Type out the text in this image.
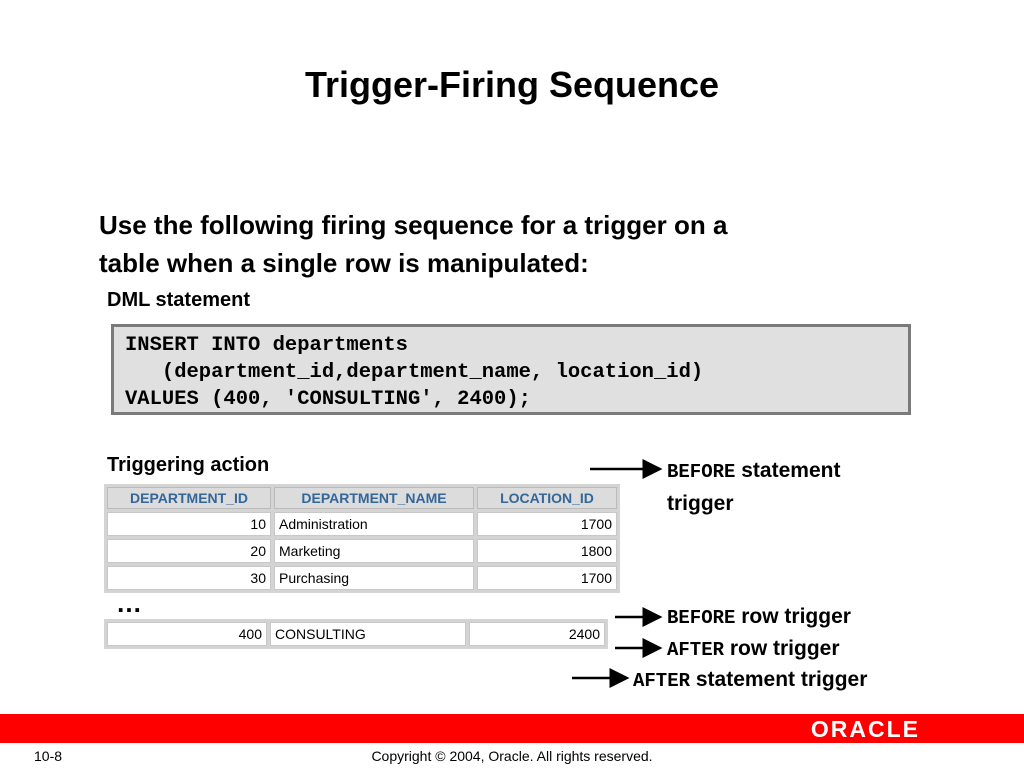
Trigger-Firing Sequence
Use the following firing sequence for a trigger on a
table when a single row is manipulated:
DML statement
INSERT INTO departments
(department_id,department_name, location_id)
VALUES (400, 'CONSULTING', 2400);
Triggering action
DEPARTMENT_ID	DEPARTMENT_NAME	LOCATION_ID
10	Administration	1700
20	Marketing	1800
30	Purchasing	1700
…
400	CONSULTING	2400
BEFORE statement
trigger
BEFORE row trigger
AFTER row trigger
AFTER statement trigger
ORACLE
10-8	Copyright © 2004, Oracle. All rights reserved.
